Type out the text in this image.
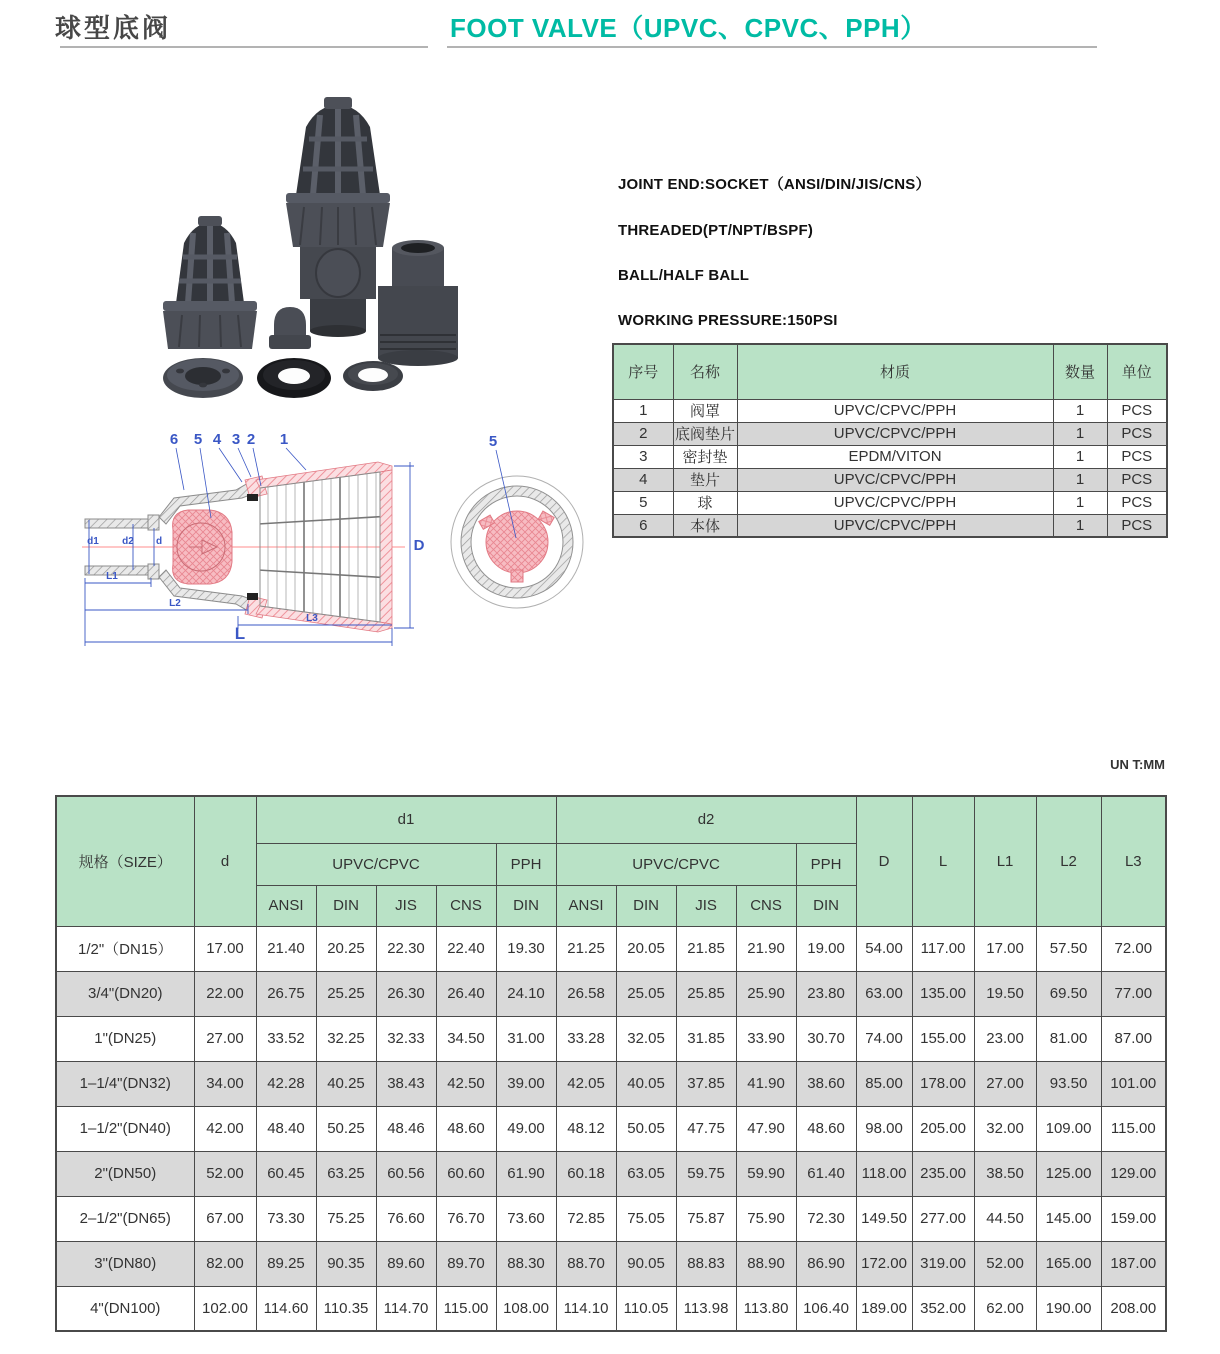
球型底阀	FOOT VALVE（UPVC、CPVC、PPH）
6 5 4 3 2 1
d1 d2 d
L1
L2
L3
L
D
5

JOINT END:SOCKET（ANSI/DIN/JIS/CNS）

THREADED(PT/NPT/BSPF)

BALL/HALF BALL

WORKING PRESSURE:150PSI

序号	名称	材质	数量	单位
1	阀罩	UPVC/CPVC/PPH	1	PCS
2	底阀垫片	UPVC/CPVC/PPH	1	PCS
3	密封垫	EPDM/VITON	1	PCS
4	垫片	UPVC/CPVC/PPH	1	PCS
5	球	UPVC/CPVC/PPH	1	PCS
6	本体	UPVC/CPVC/PPH	1	PCS
UN T:MM
规格（SIZE）	d	d1					d2					D	L	L1	L2	L3
		UPVC/CPVC				PPH	UPVC/CPVC				PPH					
		ANSI	DIN	JIS	CNS	DIN	ANSI	DIN	JIS	CNS	DIN					
1/2"（DN15）	17.00	21.40	20.25	22.30	22.40	19.30	21.25	20.05	21.85	21.90	19.00	54.00	117.00	17.00	57.50	72.00
3/4"(DN20)	22.00	26.75	25.25	26.30	26.40	24.10	26.58	25.05	25.85	25.90	23.80	63.00	135.00	19.50	69.50	77.00
1"(DN25)	27.00	33.52	32.25	32.33	34.50	31.00	33.28	32.05	31.85	33.90	30.70	74.00	155.00	23.00	81.00	87.00
1–1/4"(DN32)	34.00	42.28	40.25	38.43	42.50	39.00	42.05	40.05	37.85	41.90	38.60	85.00	178.00	27.00	93.50	101.00
1–1/2"(DN40)	42.00	48.40	50.25	48.46	48.60	49.00	48.12	50.05	47.75	47.90	48.60	98.00	205.00	32.00	109.00	115.00
2"(DN50)	52.00	60.45	63.25	60.56	60.60	61.90	60.18	63.05	59.75	59.90	61.40	118.00	235.00	38.50	125.00	129.00
2–1/2"(DN65)	67.00	73.30	75.25	76.60	76.70	73.60	72.85	75.05	75.87	75.90	72.30	149.50	277.00	44.50	145.00	159.00
3"(DN80)	82.00	89.25	90.35	89.60	89.70	88.30	88.70	90.05	88.83	88.90	86.90	172.00	319.00	52.00	165.00	187.00
4"(DN100)	102.00	114.60	110.35	114.70	115.00	108.00	114.10	110.05	113.98	113.80	106.40	189.00	352.00	62.00	190.00	208.00
